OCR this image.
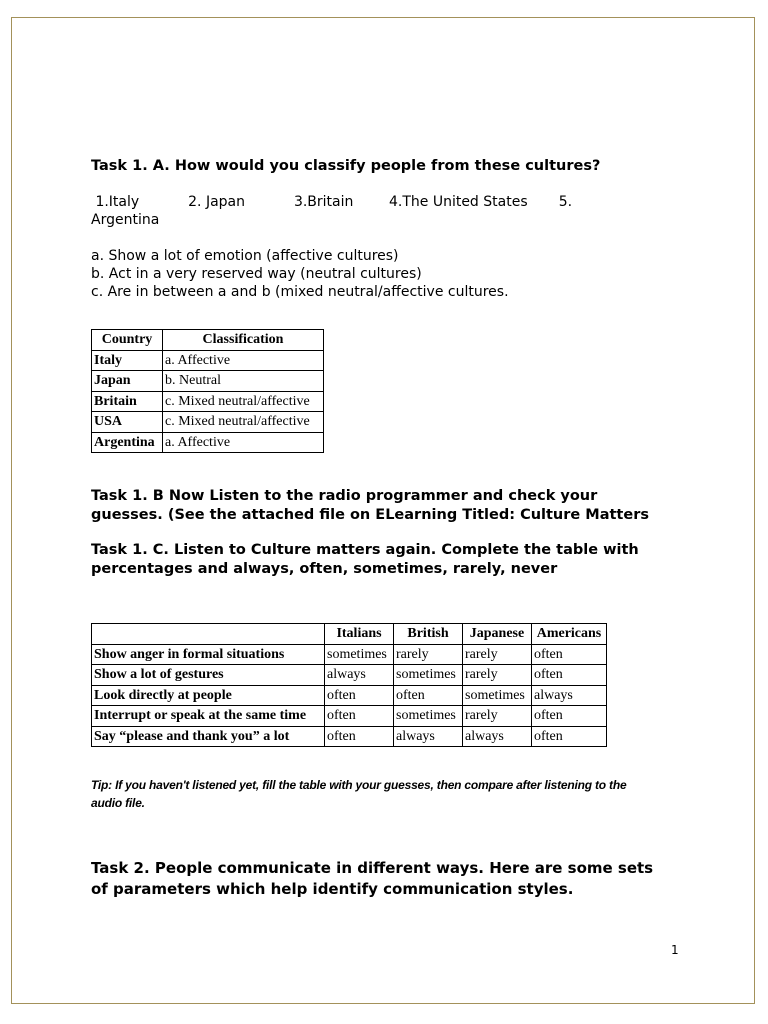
Task 1. A. How would you classify people from these cultures?

1.Italy           2. Japan           3.Britain        4.The United States       5.

Argentina

a. Show a lot of emotion (affective cultures)

b. Act in a very reserved way (neutral cultures)

c. Are in between a and b (mixed neutral/affective cultures.

Country	Classification
Italy	a. Affective
Japan	b. Neutral
Britain	c. Mixed neutral/affective
USA	c. Mixed neutral/affective
Argentina	a. Affective

Task 1. B Now Listen to the radio programmer and check your

guesses. (See the attached file on ELearning Titled: Culture Matters

Task 1. C. Listen to Culture matters again. Complete the table with

percentages and always, often, sometimes, rarely, never

	Italians	British	Japanese	Americans
Show anger in formal situations	sometimes	rarely	rarely	often
Show a lot of gestures	always	sometimes	rarely	often
Look directly at people	often	often	sometimes	always
Interrupt or speak at the same time	often	sometimes	rarely	often
Say “please and thank you” a lot	often	always	always	often

Tip: If you haven't listened yet, fill the table with your guesses, then compare after listening to the

audio file.

Task 2. People communicate in different ways. Here are some sets

of parameters which help identify communication styles.

1
